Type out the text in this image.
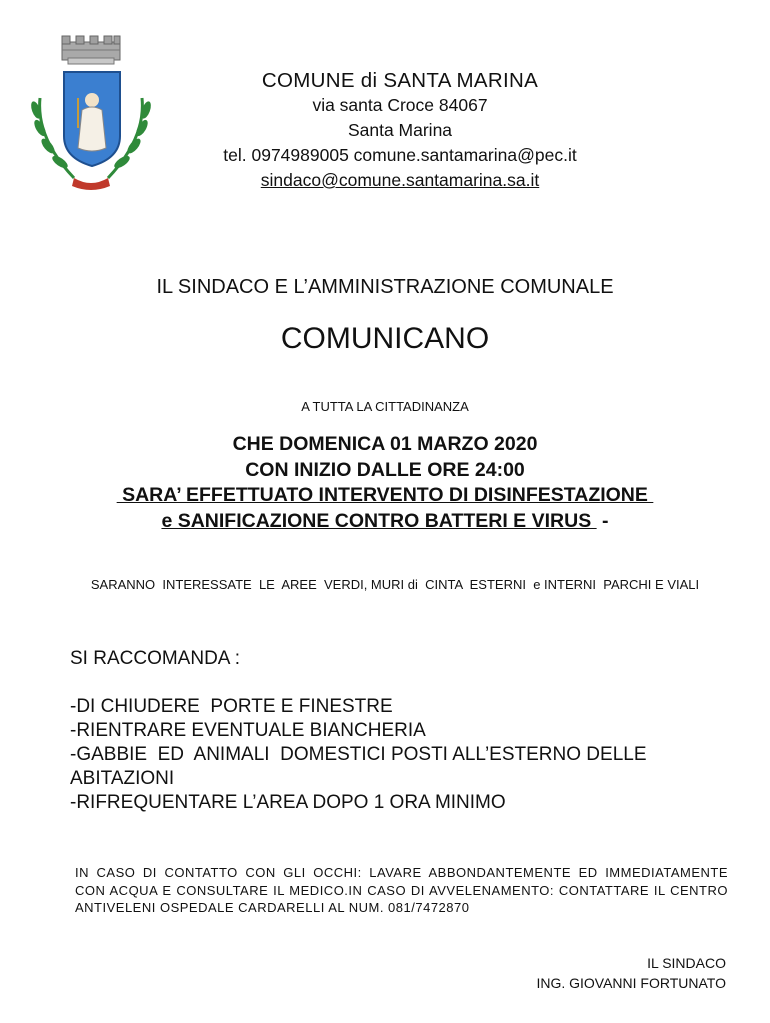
COMUNE di SANTA MARINA
via santa Croce 84067
Santa Marina
tel. 0974989005 comune.santamarina@pec.it
sindaco@comune.santamarina.sa.it
IL SINDACO E L’AMMINISTRAZIONE COMUNALE
COMUNICANO
A TUTTA LA CITTADINANZA
CHE DOMENICA 01 MARZO 2020
CON INIZIO DALLE ORE 24:00
SARA’ EFFETTUATO INTERVENTO DI DISINFESTAZIONE
e SANIFICAZIONE CONTRO BATTERI E VIRUS  -
SARANNO  INTERESSATE  LE  AREE  VERDI, MURI di  CINTA  ESTERNI  e INTERNI  PARCHI E VIALI
SI RACCOMANDA :
-DI CHIUDERE  PORTE E FINESTRE
-RIENTRARE EVENTUALE BIANCHERIA
-GABBIE  ED  ANIMALI  DOMESTICI POSTI ALL’ESTERNO DELLE ABITAZIONI
-RIFREQUENTARE L’AREA DOPO 1 ORA MINIMO
IN CASO DI CONTATTO CON GLI OCCHI: LAVARE ABBONDANTEMENTE ED IMMEDIATAMENTE CON ACQUA E CONSULTARE IL MEDICO.IN CASO DI AVVELENAMENTO: CONTATTARE IL CENTRO ANTIVELENI OSPEDALE CARDARELLI AL NUM. 081/7472870
IL SINDACO
ING. GIOVANNI FORTUNATO
